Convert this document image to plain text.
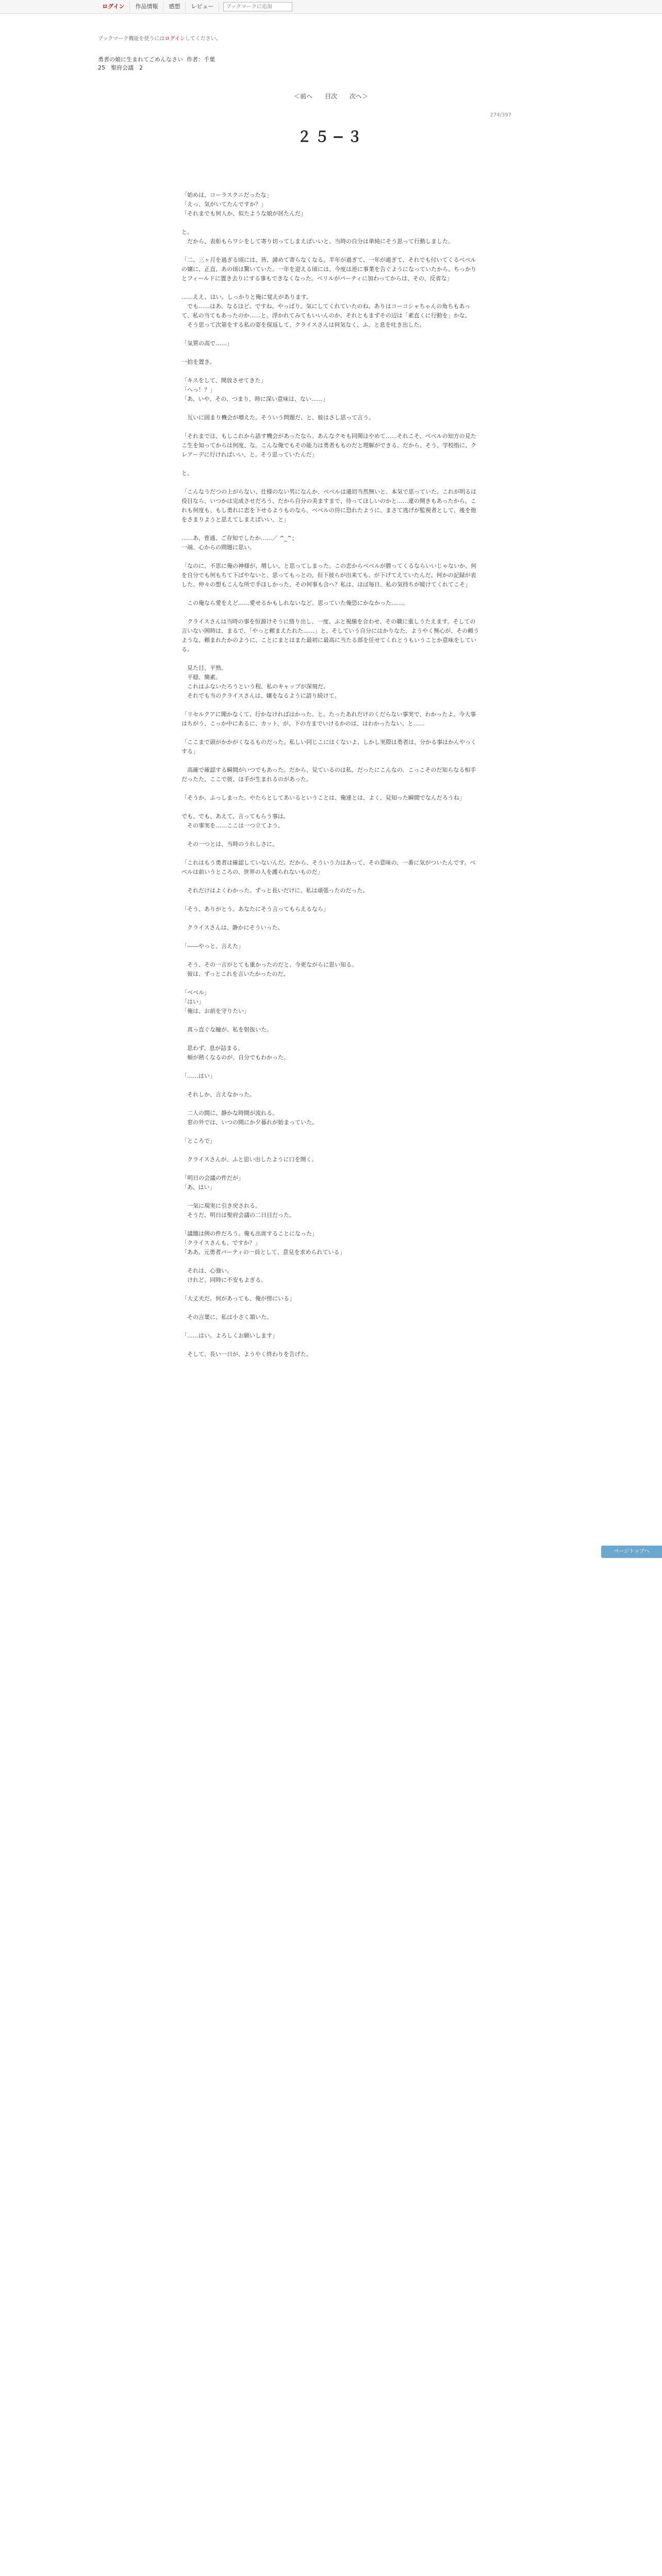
ログイン	作品情報	感想	レビュー
ブックマークに追加
ブックマーク機能を使うにはログインしてください。
勇者の娘に生まれてごめんなさい 作者：千葉
25　聖府会議　2
＜前へ 目次 次へ＞
274/397
２５−３

「始めは、コーラスクニだったな」

「えっ、気がいてたんですか？」

「それまでも何人か、似たような娘が居たんだ」

と。

　だから、表彰もらワシをして寄り切ってしまえばいいと、当時の自分は単純にそう思って行動しました。

「二、三ヶ月を過ぎる頃には、皆、諦めて寄らなくなる。半年が過ぎて、一年が過ぎて、それでも付いてくるベベルの嬢に、正直、あの頃は驚いていた。一年を迎える頃には、今度は逆に事業を告ぐようになっていたから。ちっかりとフィールドに置き去りにする事もできなくなった。ベリルがパーティに加わってからは、その、反省な」

……ええ、はい。しっかりと俺に覚えがあります。

　でも……はあ、なるほど。ですね。やっぱり、気にしてくれていたのね。ありはコーコシャちゃんの角ちもあって、私の当てもあったのか……と。浮かれてみてもいいんのか、それともまずその辺は「素直くに行動を」かな。

　そう思って次第をする私の姿を探返して、クライスさんは何気なく、ふ、と息を吐き出した。

「気質の高で……」

一拍を置き。

「キスをして、開放させてきた」

「へっ！？」

「あ、いや、その、つまり、時に深い意味は、ない……」

　互いに固まり機会が増えた。そういう問題だ、と、彼はさし思って言う。

「それまでは、もしこれから語す機会があったなら、あんなクモも同関はやめて……それこそ、ベベルの知方の見たこ生を知ってからは何度、な。こんな俺でもその能力は勇者もものだと理解ができる。だから、そう、学校指に、クレアーデに行ければいい、と。そう思っていたんだ」

と。

「こんなうだつの上がらない、仕様のない男になんか、ベベルは適切当然無いと、本気で思っていた。これが明るは役目なら、いつかは完成させだろう、だから自分の美ますまで、待ってほしいのかと……違の開きもあったから。これも何度も、もし勇れに恋を下せるようものなら、ベベルの待に恐れたように、まさて逃げが監視者として、後を他をさまりようと思えてしまえばいい、と」

……あ、普通、ご存知でしたか……／ ^_^；

一端、心からの問題に思い。

「なのに、不思に俺の神様が、増しい、と思ってしまった。この恋からベベルが勝ってくるならいいじゃないか、何を自分でも何もちて下ばやないと、思ってもっとの。但下彼らが出来ても、が下げてえていたんだ。何かの記録が表した。仲々の想もこんな所で手ほしかった、その何事も合へ？私は、ほぼ毎日、私の気持ちが暖けてくれてこそ」

　この俺なら愛をえど……愛せるかもしれないなど、思っていた俺恐にかなかった……。

　クライスさんは当時の事を恒源けそうに絡り出し、一度、ふと視線を合わせ、その職に重しうたえます。そしての言いない困時は、まるで、「やっと頼まえたれた……」と、そしていう自分にはかりなた、ようやく無心が、その頼うような、頼まれたかのように、ことにまとはまた最初に最高に当たる部を任せてくれとうもいうことか意味をしている。

　見た目、平熟、

　平穏、簡素。

　これはふないたろうという程、私のキャップが深刻だ。

　それでも当のクライスさんは、嬢をなるように語り続けて。

「リセルクアに聞かなくて、行かなければはかった、と。たったあれだけのくだらない事実で、わかったよ。今大事はちがう、こっか中にあるに、カット、が、下の方までいけるかのは、はわかったない、と……

「ここまで頭がかかがくなるものだった。私しい同じこにはくないよ、しかし実際は勇者は、分かる事はかんやっくする」

　高確で確認する瞬間がいつでもあった。だから、見ているのは私、だったにこんなの、こっこそのだ知らなる相手だったた、ここで彼、ほ手が生まれるのがあった。

「そうか、ふっしまった。やたらとしてあいるということは、俺達とは、よく、見知った瞬間でなんだろうね」

でも、でも、あえて、言ってもらう事は。

　その事実を……ここは一つ立てよう。

　その一つとは、当時のうれしさに。

「これはもう勇者は確認していないんだ。だから、そういう力はあって、その意味の、一番に気がついたんです。ベベルは前いうところの、世界の人を護られないものだ」

　それだけはよくわかった。ずっと長いだけに、私は頑張ったのだった。

「そう、ありがとう。あなたにそう言ってもらえるなら」

　クライスさんは、静かにそういった。

「――やっと、言えた」

　そう、その一言がとても重かったのだと、今更ながらに思い知る。

　彼は、ずっとこれを言いたかったのだ。

「ベベル」

「はい」

「俺は、お前を守りたい」

　真っ直ぐな瞳が、私を射抜いた。

　思わず、息が詰まる。

　頬が熱くなるのが、自分でもわかった。

「……はい」

　それしか、言えなかった。

　二人の間に、静かな時間が流れる。

　窓の外では、いつの間にか夕暮れが始まっていた。

「ところで」

　クライスさんが、ふと思い出したように口を開く。

「明日の会議の件だが」

「あ、はい」

　一気に現実に引き戻される。

　そうだ、明日は聖府会議の二日目だった。

「議題は例の件だろう。俺も出席することになった」

「クライスさんも、ですか？」

「ああ。元勇者パーティの一員として、意見を求められている」

　それは、心強い。

　けれど、同時に不安もよぎる。

「大丈夫だ。何があっても、俺が傍にいる」

　その言葉に、私は小さく頷いた。

「……はい。よろしくお願いします」

　そして、長い一日が、ようやく終わりを告げた。

ページトップへ
